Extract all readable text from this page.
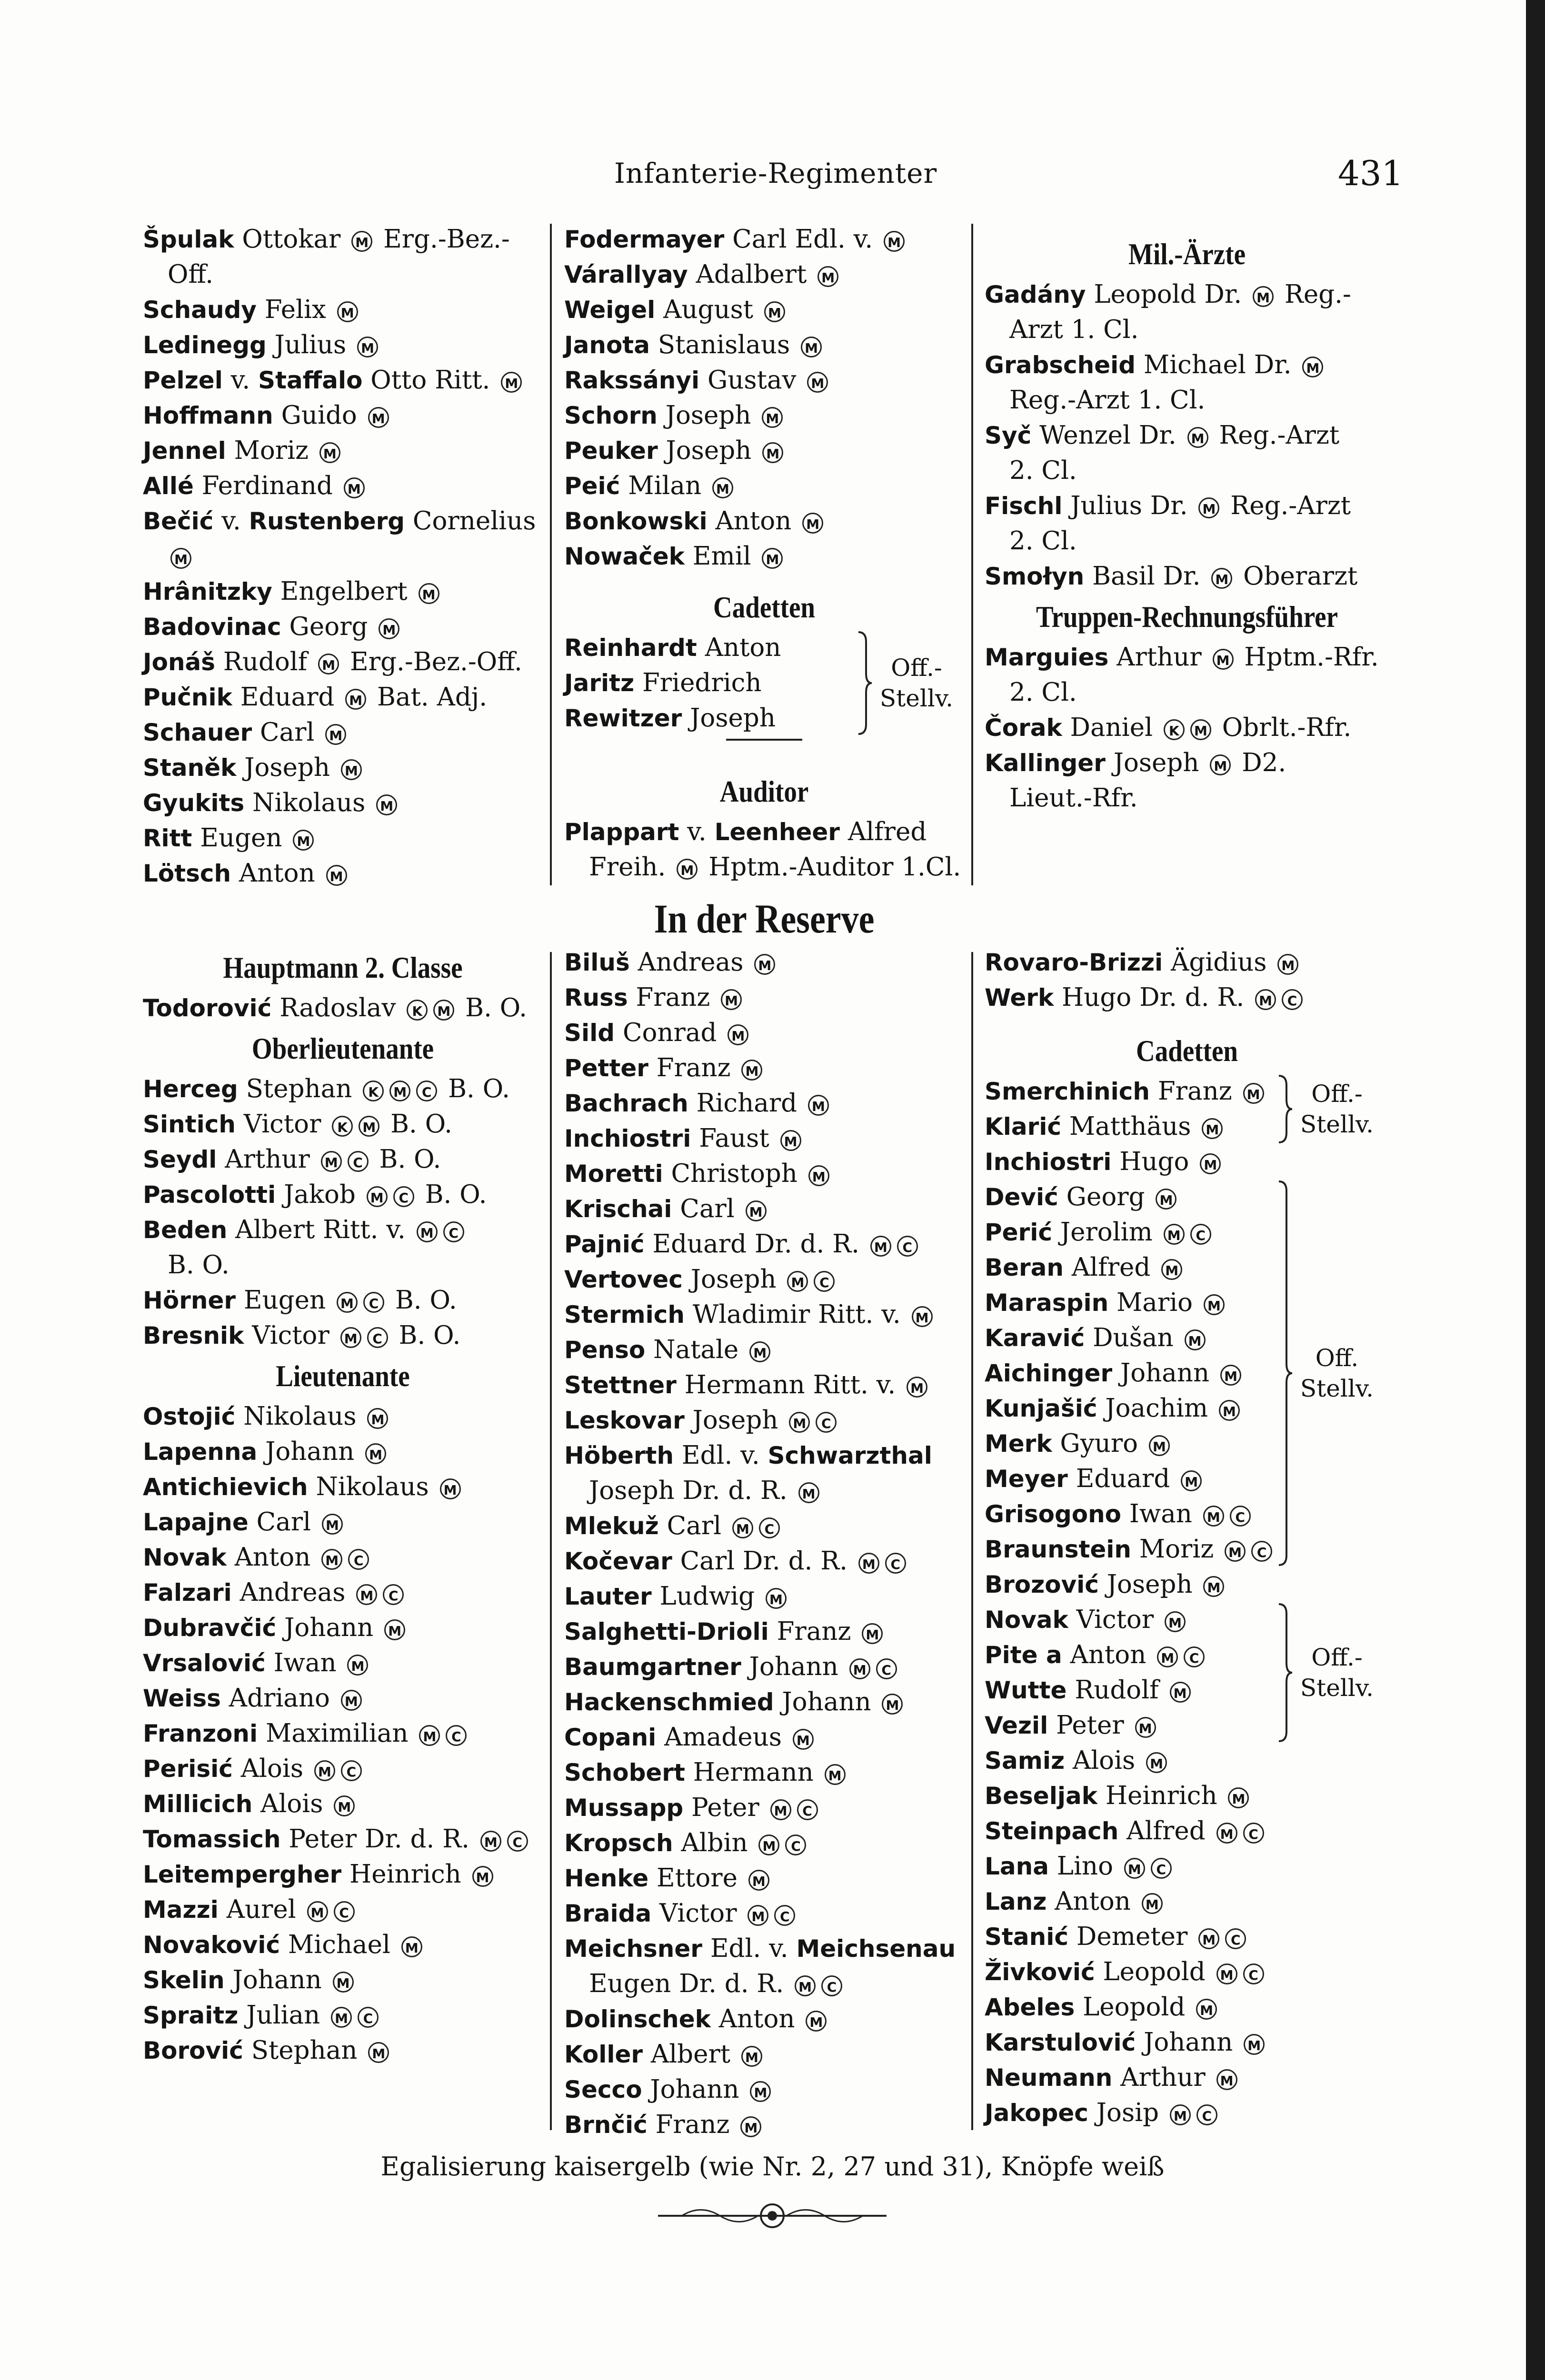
Infanterie-Regimenter	431
Špulak Ottokar M Erg.-Bez.-
Off.
Schaudy Felix M
Ledinegg Julius M
Pelzel v. Staffalo Otto Ritt. M
Hoffmann Guido M
Jennel Moriz M
Allé Ferdinand M
Bečić v. Rustenberg Cornelius
M
Hrânitzky Engelbert M
Badovinac Georg M
Jonáš Rudolf M Erg.-Bez.-Off.
Pučnik Eduard M Bat. Adj.
Schauer Carl M
Staněk Joseph M
Gyukits Nikolaus M
Ritt Eugen M
Lötsch Anton M
Hauptmann 2. Classe
Todorović Radoslav K M B. O.
Oberlieutenante
Herceg Stephan K M C B. O.
Sintich Victor K M B. O.
Seydl Arthur M C B. O.
Pascolotti Jakob M C B. O.
Beden Albert Ritt. v. M C
B. O.
Hörner Eugen M C B. O.
Bresnik Victor M C B. O.
Lieutenante
Ostojić Nikolaus M
Lapenna Johann M
Antichievich Nikolaus M
Lapajne Carl M
Novak Anton M C
Falzari Andreas M C
Dubravčić Johann M
Vrsalović Iwan M
Weiss Adriano M
Franzoni Maximilian M C
Perisić Alois M C
Millicich Alois M
Tomassich Peter Dr. d. R. M C
Leitempergher Heinrich M
Mazzi Aurel M C
Novaković Michael M
Skelin Johann M
Spraitz Julian M C
Borović Stephan M
Fodermayer Carl Edl. v. M
Várallyay Adalbert M
Weigel August M
Janota Stanislaus M
Rakssányi Gustav M
Schorn Joseph M
Peuker Joseph M
Peić Milan M
Bonkowski Anton M
Nowaček Emil M
Cadetten
Reinhardt Anton
Jaritz Friedrich
Rewitzer Joseph
Off.-
Stellv.
Auditor
Plappart v. Leenheer Alfred
Freih. M Hptm.-Auditor 1.Cl.
In der Reserve
Biluš Andreas M
Russ Franz M
Sild Conrad M
Petter Franz M
Bachrach Richard M
Inchiostri Faust M
Moretti Christoph M
Krischai Carl M
Pajnić Eduard Dr. d. R. M C
Vertovec Joseph M C
Stermich Wladimir Ritt. v. M
Penso Natale M
Stettner Hermann Ritt. v. M
Leskovar Joseph M C
Höberth Edl. v. Schwarzthal
Joseph Dr. d. R. M
Mlekuž Carl M C
Kočevar Carl Dr. d. R. M C
Lauter Ludwig M
Salghetti-Drioli Franz M
Baumgartner Johann M C
Hackenschmied Johann M
Copani Amadeus M
Schobert Hermann M
Mussapp Peter M C
Kropsch Albin M C
Henke Ettore M
Braida Victor M C
Meichsner Edl. v. Meichsenau
Eugen Dr. d. R. M C
Dolinschek Anton M
Koller Albert M
Secco Johann M
Brnčić Franz M
Mil.-Ärzte
Gadány Leopold Dr. M Reg.-
Arzt 1. Cl.
Grabscheid Michael Dr. M
Reg.-Arzt 1. Cl.
Syč Wenzel Dr. M Reg.-Arzt
2. Cl.
Fischl Julius Dr. M Reg.-Arzt
2. Cl.
Smołyn Basil Dr. M Oberarzt
Truppen-Rechnungsführer
Marguies Arthur M Hptm.-Rfr.
2. Cl.
Čorak Daniel K M Obrlt.-Rfr.
Kallinger Joseph M D2.
Lieut.-Rfr.
Rovaro-Brizzi Ägidius M
Werk Hugo Dr. d. R. M C
Cadetten
Smerchinich Franz M
Klarić Matthäus M
Off.-
Stellv.
Inchiostri Hugo M
Dević Georg M
Perić Jerolim M C
Beran Alfred M
Maraspin Mario M
Karavić Dušan M
Aichinger Johann M
Kunjašić Joachim M
Merk Gyuro M
Meyer Eduard M
Grisogono Iwan M C
Braunstein Moriz M C
Off.
Stellv.
Brozović Joseph M
Novak Victor M
Pite a Anton M C
Wutte Rudolf M
Vezil Peter M
Off.-
Stellv.
Samiz Alois M
Beseljak Heinrich M
Steinpach Alfred M C
Lana Lino M C
Lanz Anton M
Stanić Demeter M C
Živković Leopold M C
Abeles Leopold M
Karstulović Johann M
Neumann Arthur M
Jakopec Josip M C
Egalisierung kaisergelb (wie Nr. 2, 27 und 31), Knöpfe weiß
